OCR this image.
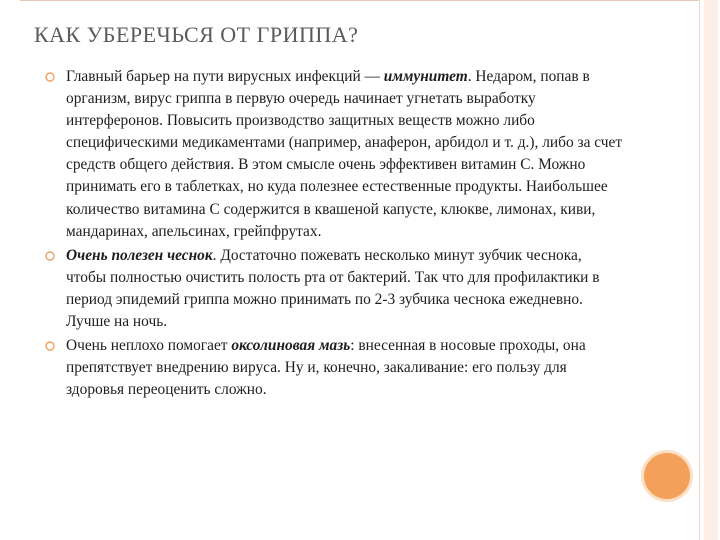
КАК УБЕРЕЧЬСЯ ОТ ГРИППА?

Главный барьер на пути вирусных инфекций — иммунитет. Недаром, попав в организм, вирус гриппа в первую очередь начинает угнетать выработку интерферонов. Повысить производство защитных веществ можно либо специфическими медикаментами (например, анаферон, арбидол и т. д.), либо за счет средств общего действия. В этом смысле очень эффективен витамин С. Можно принимать его в таблетках, но куда полезнее естественные продукты. Наибольшее количество витамина С содержится в квашеной капусте, клюкве, лимонах, киви, мандаринах, апельсинах, грейпфрутах.

Очень полезен чеснок. Достаточно пожевать несколько минут зубчик чеснока, чтобы полностью очистить полость рта от бактерий. Так что для профилактики в период эпидемий гриппа можно принимать по 2-3 зубчика чеснока ежедневно. Лучше на ночь.

Очень неплохо помогает оксолиновая мазь: внесенная в носовые проходы, она препятствует внедрению вируса. Ну и, конечно, закаливание: его пользу для здоровья переоценить сложно.
